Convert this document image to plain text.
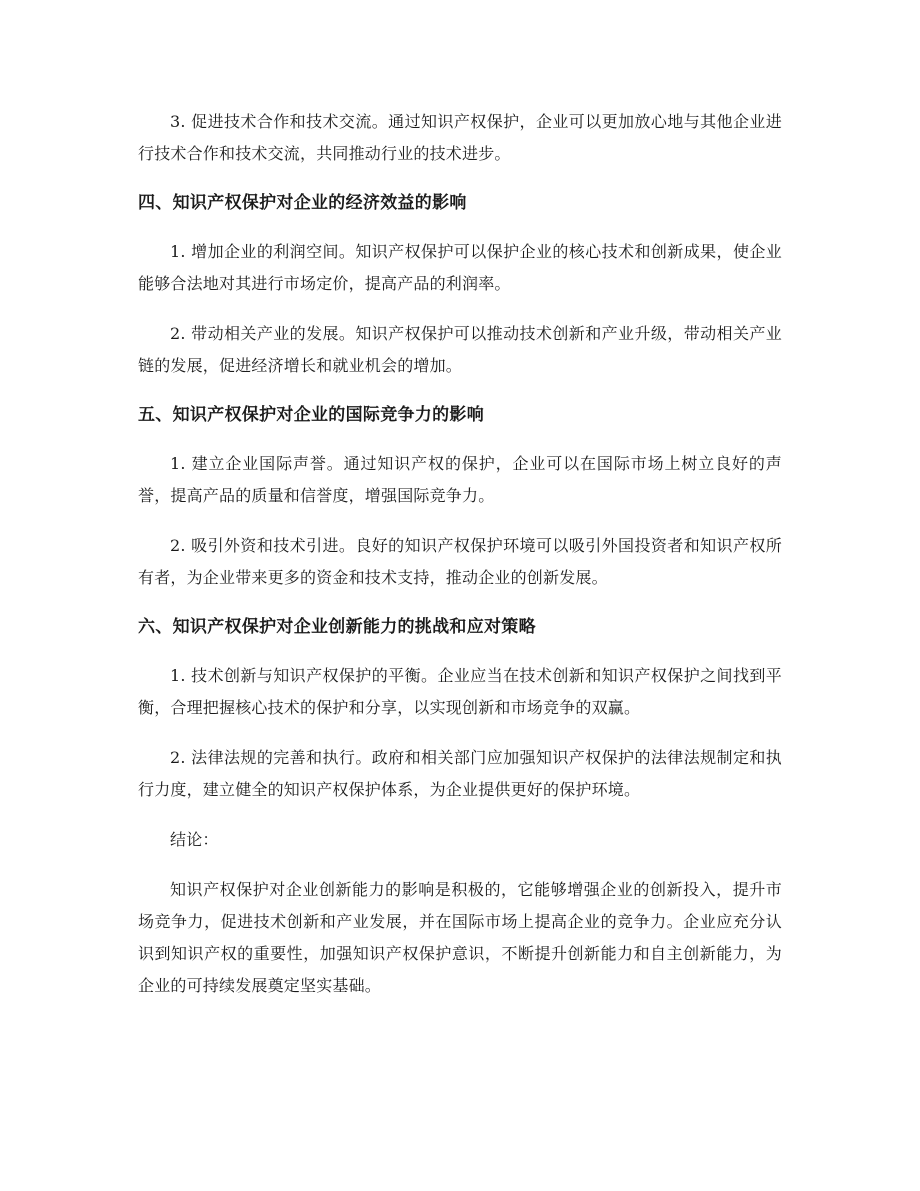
3. 促进技术合作和技术交流。通过知识产权保护，企业可以更加放心地与其他企业进行技术合作和技术交流，共同推动行业的技术进步。

四、知识产权保护对企业的经济效益的影响

1. 增加企业的利润空间。知识产权保护可以保护企业的核心技术和创新成果，使企业能够合法地对其进行市场定价，提高产品的利润率。

2. 带动相关产业的发展。知识产权保护可以推动技术创新和产业升级，带动相关产业链的发展，促进经济增长和就业机会的增加。

五、知识产权保护对企业的国际竞争力的影响

1. 建立企业国际声誉。通过知识产权的保护，企业可以在国际市场上树立良好的声誉，提高产品的质量和信誉度，增强国际竞争力。

2. 吸引外资和技术引进。良好的知识产权保护环境可以吸引外国投资者和知识产权所有者，为企业带来更多的资金和技术支持，推动企业的创新发展。

六、知识产权保护对企业创新能力的挑战和应对策略

1. 技术创新与知识产权保护的平衡。企业应当在技术创新和知识产权保护之间找到平衡，合理把握核心技术的保护和分享，以实现创新和市场竞争的双赢。

2. 法律法规的完善和执行。政府和相关部门应加强知识产权保护的法律法规制定和执行力度，建立健全的知识产权保护体系，为企业提供更好的保护环境。

结论：

知识产权保护对企业创新能力的影响是积极的，它能够增强企业的创新投入，提升市场竞争力，促进技术创新和产业发展，并在国际市场上提高企业的竞争力。企业应充分认识到知识产权的重要性，加强知识产权保护意识，不断提升创新能力和自主创新能力，为企业的可持续发展奠定坚实基础。
